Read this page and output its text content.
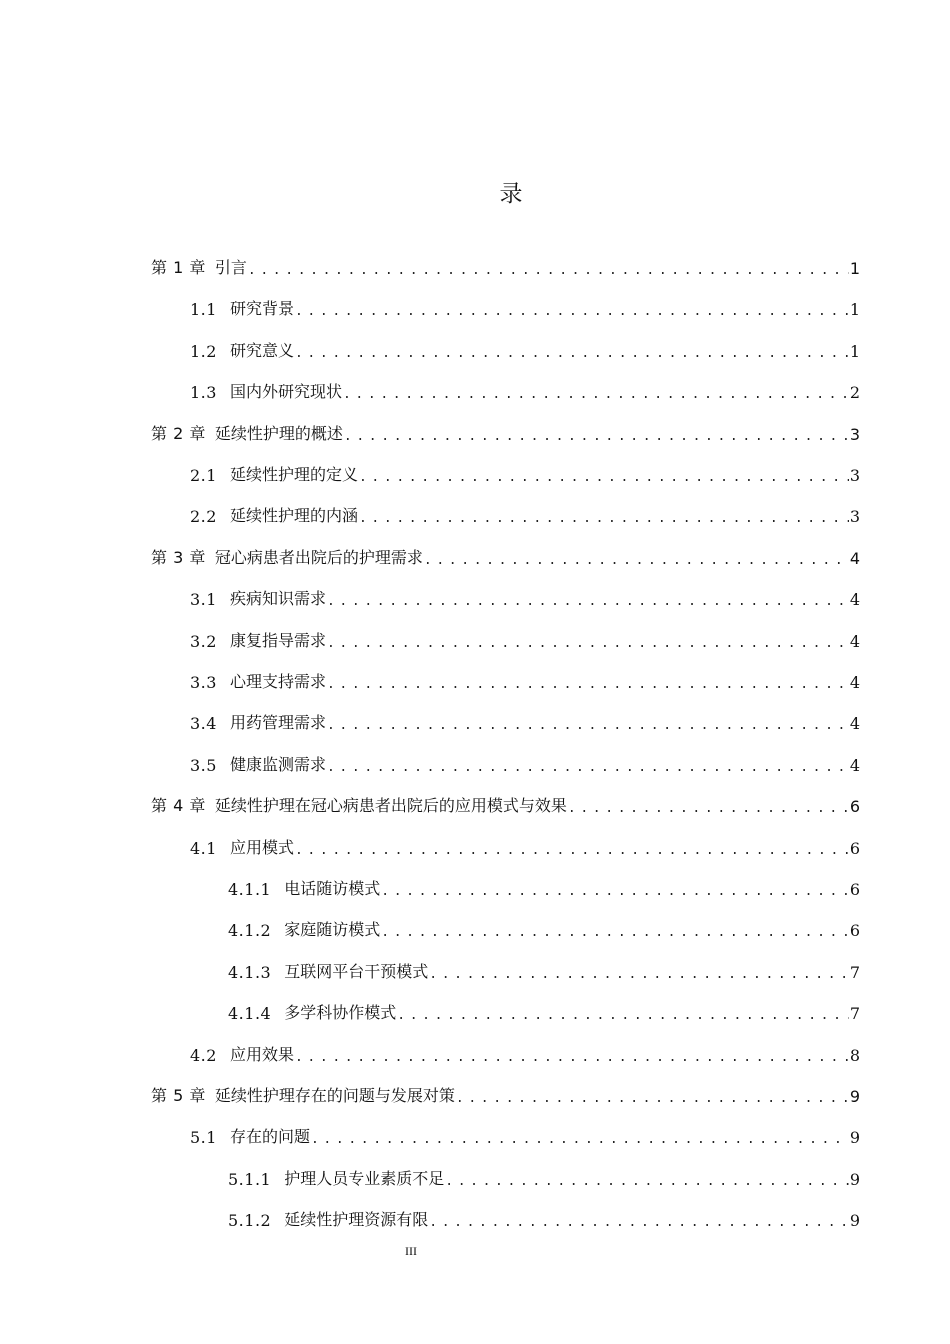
录
第 1 章 引言 . . .	1
1.1 研究背景 . . .	1
1.2 研究意义 . . .	1
1.3 国内外研究现状 . . .	2
第 2 章 延续性护理的概述 . . .	3
2.1 延续性护理的定义 . . .	3
2.2 延续性护理的内涵 . . .	3
第 3 章 冠心病患者出院后的护理需求 . . .	4
3.1 疾病知识需求 . . .	4
3.2 康复指导需求 . . .	4
3.3 心理支持需求 . . .	4
3.4 用药管理需求 . . .	4
3.5 健康监测需求 . . .	4
第 4 章 延续性护理在冠心病患者出院后的应用模式与效果 . . .	6
4.1 应用模式 . . .	6
4.1.1 电话随访模式 . . .	6
4.1.2 家庭随访模式 . . .	6
4.1.3 互联网平台干预模式 . . .	7
4.1.4 多学科协作模式 . . .	7
4.2 应用效果 . . .	8
第 5 章 延续性护理存在的问题与发展对策 . . .	9
5.1 存在的问题 . . .	9
5.1.1 护理人员专业素质不足 . . .	9
5.1.2 延续性护理资源有限 . . .	9
III
